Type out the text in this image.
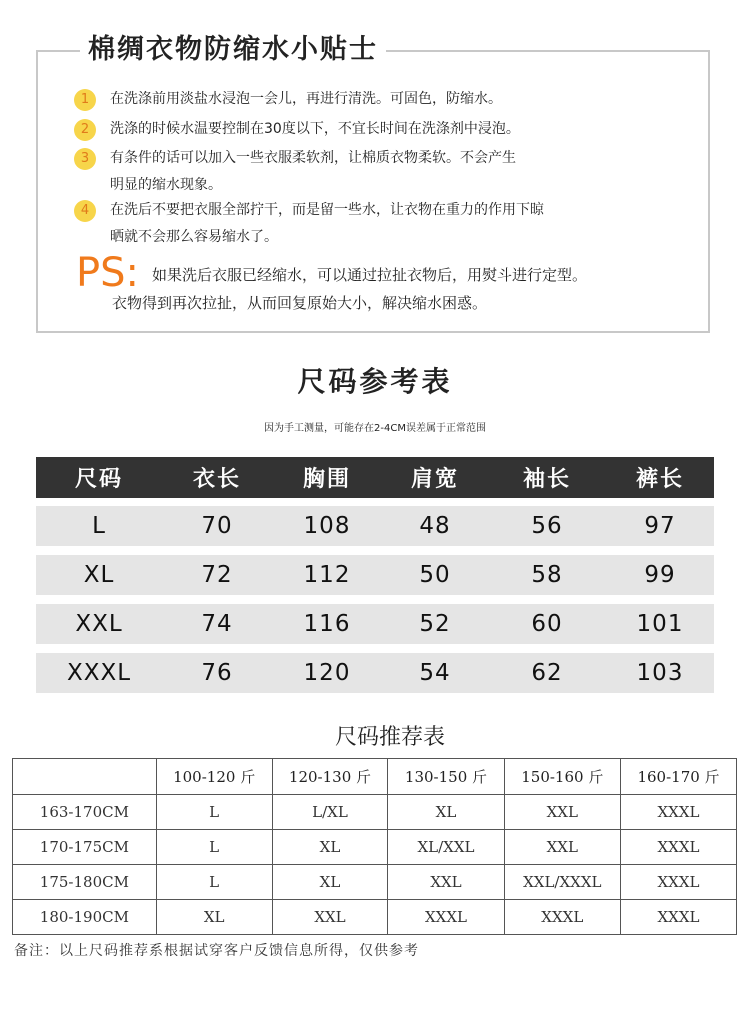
棉绸衣物防缩水小贴士
1	在洗涤前用淡盐水浸泡一会儿，再进行清洗。可固色，防缩水。
2	洗涤的时候水温要控制在30度以下，不宜长时间在洗涤剂中浸泡。
3	有条件的话可以加入一些衣服柔软剂，让棉质衣物柔软。不会产生
明显的缩水现象。
4	在洗后不要把衣服全部拧干，而是留一些水，让衣物在重力的作用下晾
晒就不会那么容易缩水了。
PS: 如果洗后衣服已经缩水，可以通过拉扯衣物后，用熨斗进行定型。
衣物得到再次拉扯，从而回复原始大小，解决缩水困惑。
尺码参考表
因为手工测量，可能存在2-4CM误差属于正常范围
尺码	衣长	胸围	肩宽	袖长	裤长
L	70	108	48	56	97
XL	72	112	50	58	99
XXL	74	116	52	60	101
XXXL	76	120	54	62	103
尺码推荐表
	100-120 斤	120-130 斤	130-150 斤	150-160 斤	160-170 斤
163-170CM	L	L/XL	XL	XXL	XXXL
170-175CM	L	XL	XL/XXL	XXL	XXXL
175-180CM	L	XL	XXL	XXL/XXXL	XXXL
180-190CM	XL	XXL	XXXL	XXXL	XXXL
备注：以上尺码推荐系根据试穿客户反馈信息所得，仅供参考
